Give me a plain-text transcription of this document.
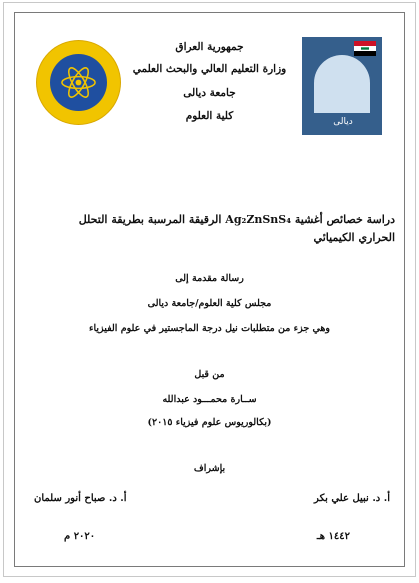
ديالى
جمهورية العراق
وزارة التعليم العالي والبحث العلمي
جامعة ديالى
كلية العلوم
دراسة خصائص أغشية Ag₂ZnSnS₄ الرقيقة المرسبة بطريقة التحلل
الحراري الكيميائي
رسالة مقدمة إلى
مجلس كلية العلوم/جامعة ديالى
وهي جزء من متطلبات نيل درجة الماجستير في علوم الفيزياء
من قبل
ســارة محمـــود عبدالله
(بكالوريوس علوم فيزياء ٢٠١٥)
بإشراف
أ. د. نبيل علي بكر
أ. د. صباح أنور سلمان
١٤٤٢ هـ
٢٠٢٠ م
